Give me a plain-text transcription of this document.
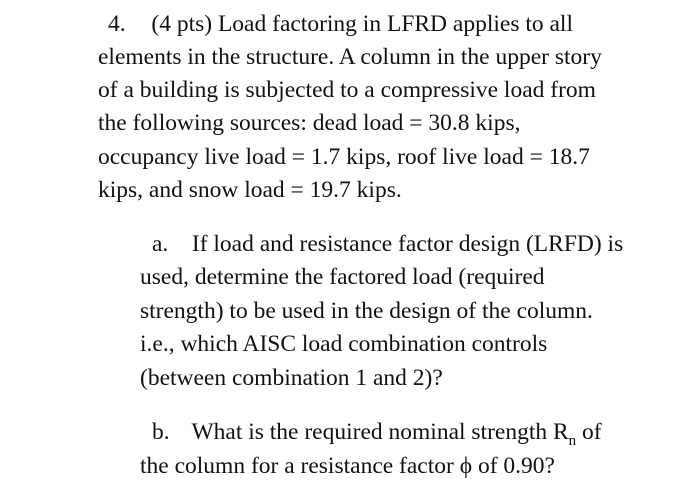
4. (4 pts) Load factoring in LFRD applies to all
elements in the structure. A column in the upper story
of a building is subjected to a compressive load from
the following sources: dead load = 30.8 kips,
occupancy live load = 1.7 kips, roof live load = 18.7
kips, and snow load = 19.7 kips.
a. If load and resistance factor design (LRFD) is
used, determine the factored load (required
strength) to be used in the design of the column.
i.e., which AISC load combination controls
(between combination 1 and 2)?
b. What is the required nominal strength $R_n$ of
the column for a resistance factor ϕ of 0.90?
